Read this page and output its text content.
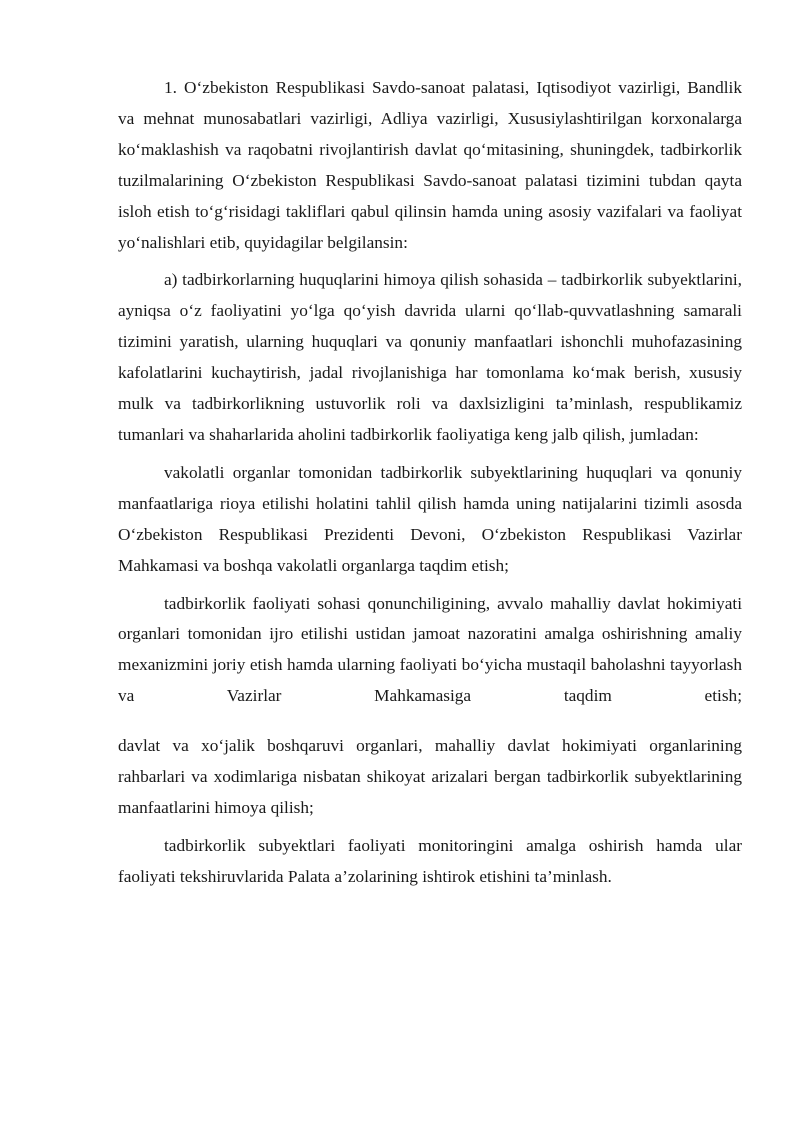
1. O‘zbekiston Respublikasi Savdo-sanoat palatasi, Iqtisodiyot vazirligi, Bandlik va mehnat munosabatlari vazirligi, Adliya vazirligi, Xususiylashtirilgan korxonalarga ko‘maklashish va raqobatni rivojlantirish davlat qo‘mitasining, shuningdek, tadbirkorlik tuzilmalarining O‘zbekiston Respublikasi Savdo-sanoat palatasi tizimini tubdan qayta isloh etish to‘g‘risidagi takliflari qabul qilinsin hamda uning asosiy vazifalari va faoliyat yo‘nalishlari etib, quyidagilar belgilansin:

a) tadbirkorlarning huquqlarini himoya qilish sohasida – tadbirkorlik subyektlarini, ayniqsa o‘z faoliyatini yo‘lga qo‘yish davrida ularni qo‘llab-quvvatlashning samarali tizimini yaratish, ularning huquqlari va qonuniy manfaatlari ishonchli muhofazasining kafolatlarini kuchaytirish, jadal rivojlanishiga har tomonlama ko‘mak berish, xususiy mulk va tadbirkorlikning ustuvorlik roli va daxlsizligini ta’minlash, respublikamiz tumanlari va shaharlarida aholini tadbirkorlik faoliyatiga keng jalb qilish, jumladan:

vakolatli organlar tomonidan tadbirkorlik subyektlarining huquqlari va qonuniy manfaatlariga rioya etilishi holatini tahlil qilish hamda uning natijalarini tizimli asosda O‘zbekiston Respublikasi Prezidenti Devoni, O‘zbekiston Respublikasi Vazirlar Mahkamasi va boshqa vakolatli organlarga taqdim etish;

tadbirkorlik faoliyati sohasi qonunchiligining, avvalo mahalliy davlat hokimiyati organlari tomonidan ijro etilishi ustidan jamoat nazoratini amalga oshirishning amaliy mexanizmini joriy etish hamda ularning faoliyati bo‘yicha mustaqil baholashni tayyorlash va Vazirlar Mahkamasiga taqdim etish;

davlat va xo‘jalik boshqaruvi organlari, mahalliy davlat hokimiyati organlarining rahbarlari va xodimlariga nisbatan shikoyat arizalari bergan tadbirkorlik subyektlarining manfaatlarini himoya qilish;

tadbirkorlik subyektlari faoliyati monitoringini amalga oshirish hamda ular faoliyati tekshiruvlarida Palata a’zolarining ishtirok etishini ta’minlash.
